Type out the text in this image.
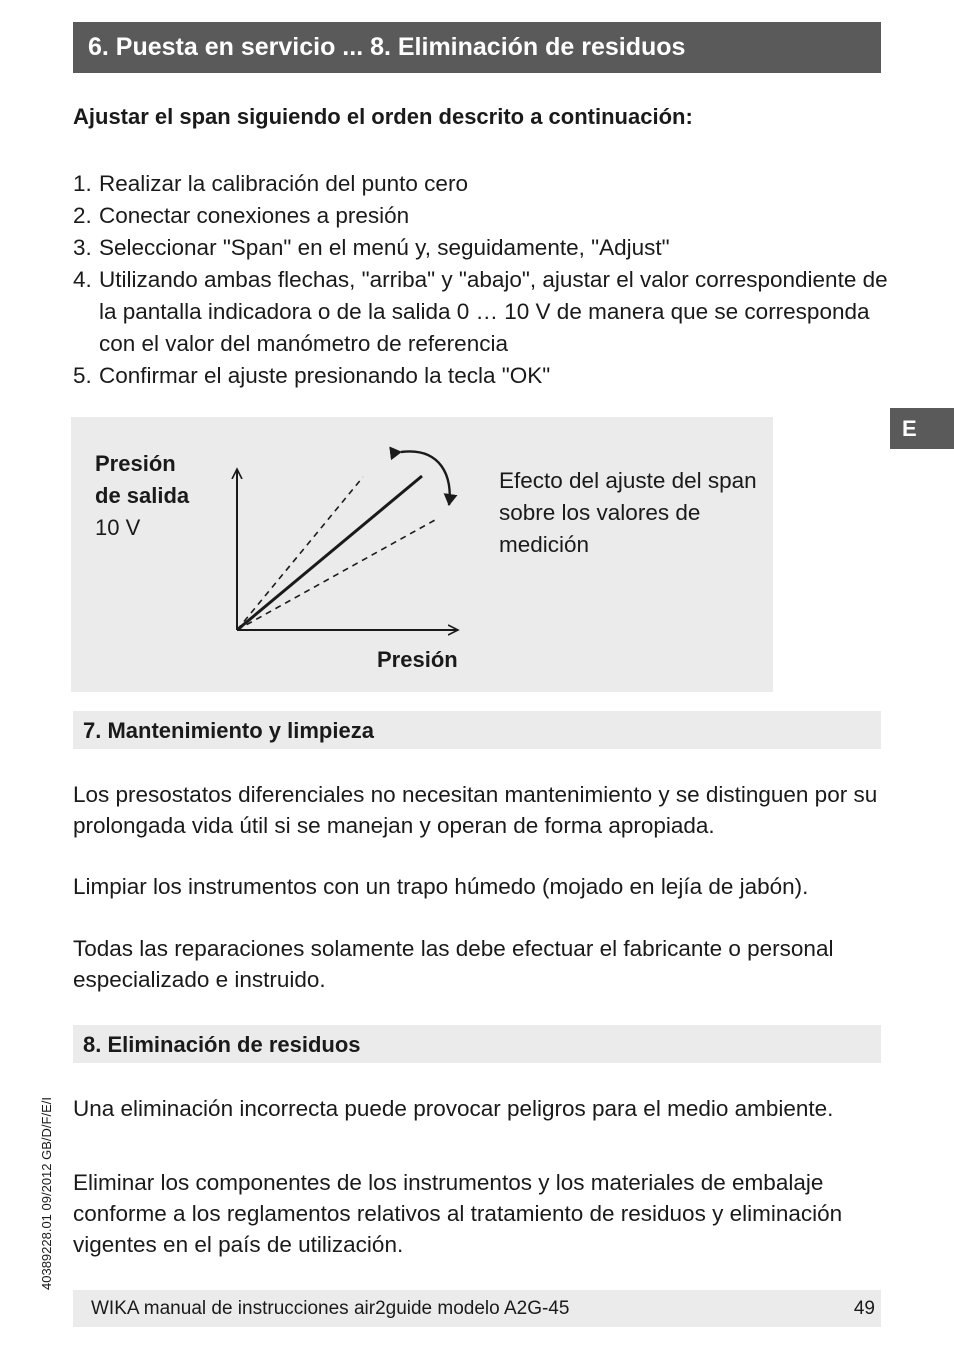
6. Puesta en servicio ... 8. Eliminación de residuos
Ajustar el span siguiendo el orden descrito a continuación:
1. Realizar la calibración del punto cero
2. Conectar conexiones a presión
3. Seleccionar "Span" en el menú y, seguidamente, "Adjust"
4. Utilizando ambas flechas, "arriba" y "abajo", ajustar el valor correspondiente de la pantalla indicadora o de la salida 0 … 10 V de manera que se corresponda con el valor del manómetro de referencia
5. Confirmar el ajuste presionando la tecla "OK"
Presión
de salida
10 V
Presión
Efecto del ajuste del span sobre los valores de medición
E
7. Mantenimiento y limpieza

Los presostatos diferenciales no necesitan mantenimiento y se distinguen por su prolongada vida útil si se manejan y operan de forma apropiada.

Limpiar los instrumentos con un trapo húmedo (mojado en lejía de jabón).

Todas las reparaciones solamente las debe efectuar el fabricante o personal especializado e instruido.

8. Eliminación de residuos

Una eliminación incorrecta puede provocar peligros para el medio ambiente.

Eliminar los componentes de los instrumentos y los materiales de embalaje conforme a los reglamentos relativos al tratamiento de residuos y eliminación vigentes en el país de utilización.

40389228.01 09/2012 GB/D/F/E/I
WIKA manual de instrucciones air2guide modelo A2G-45	49
